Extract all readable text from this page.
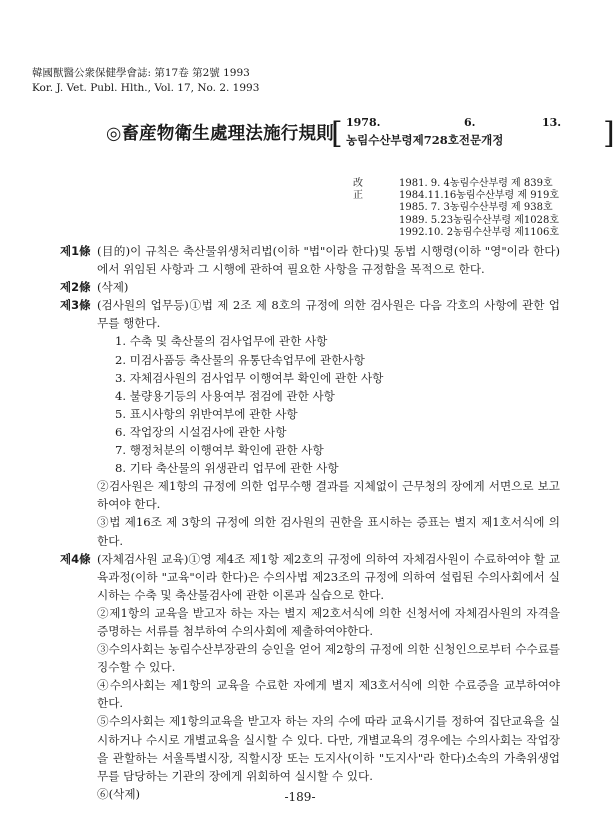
韓國獸醫公衆保健學會誌: 第17卷 第2號 1993
Kor. J. Vet. Publ. Hlth., Vol. 17, No. 2. 1993
◎畜産物衛生處理法施行規則
[ 1978.	6.	13.
농림수산부령제728호전문개정	]
改正
1981. 9. 4농림수산부령 제 839호
1984.11.16농림수산부령 제 919호
1985. 7. 3농림수산부령 제 938호
1989. 5.23농림수산부령 제1028호
1992.10. 2농림수산부령 제1106호
제1條 (目的)이 규칙은 축산물위생처리법(이하 "법"이라 한다)및 동법 시행령(이하 "영"이라 한다)에서 위임된 사항과 그 시행에 관하여 필요한 사항을 규정함을 목적으로 한다.
제2條 (삭제)
제3條 (검사원의 업무등)①법 제 2조 제 8호의 규정에 의한 검사원은 다음 각호의 사항에 관한 업무를 행한다.
1. 수축 및 축산물의 검사업무에 관한 사항
2. 미검사품등 축산물의 유통단속업무에 관한사항
3. 자체검사원의 검사업무 이행여부 확인에 관한 사항
4. 불량용기등의 사용여부 점검에 관한 사항
5. 표시사항의 위반여부에 관한 사항
6. 작업장의 시설검사에 관한 사항
7. 행정처분의 이행여부 확인에 관한 사항
8. 기타 축산물의 위생관리 업무에 관한 사항
②검사원은 제1항의 규정에 의한 업무수행 결과를 지체없이 근무청의 장에게 서면으로 보고하여야 한다.
③법 제16조 제 3항의 규정에 의한 검사원의 권한을 표시하는 증표는 별지 제1호서식에 의한다.
제4條 (자체검사원 교육)①영 제4조 제1항 제2호의 규정에 의하여 자체검사원이 수료하여야 할 교육과정(이하 "교육"이라 한다)은 수의사법 제23조의 규정에 의하여 설립된 수의사회에서 실시하는 수축 및 축산물검사에 관한 이론과 실습으로 한다.
②제1항의 교육을 받고자 하는 자는 별지 제2호서식에 의한 신청서에 자체검사원의 자격을 증명하는 서류를 첨부하여 수의사회에 제출하여야한다.
③수의사회는 농림수산부장관의 승인을 얻어 제2항의 규정에 의한 신청인으로부터 수수료를 징수할 수 있다.
④수의사회는 제1항의 교육을 수료한 자에게 별지 제3호서식에 의한 수료증을 교부하여야 한다.
⑤수의사회는 제1항의교육을 받고자 하는 자의 수에 따라 교육시기를 정하여 집단교육을 실시하거나 수시로 개별교육을 실시할 수 있다. 다만, 개별교육의 경우에는 수의사회는 작업장을 관할하는 서울특별시장, 직할시장 또는 도지사(이하 "도지사"라 한다)소속의 가축위생업무를 담당하는 기관의 장에게 위회하여 실시할 수 있다.
⑥(삭제)	-189-
